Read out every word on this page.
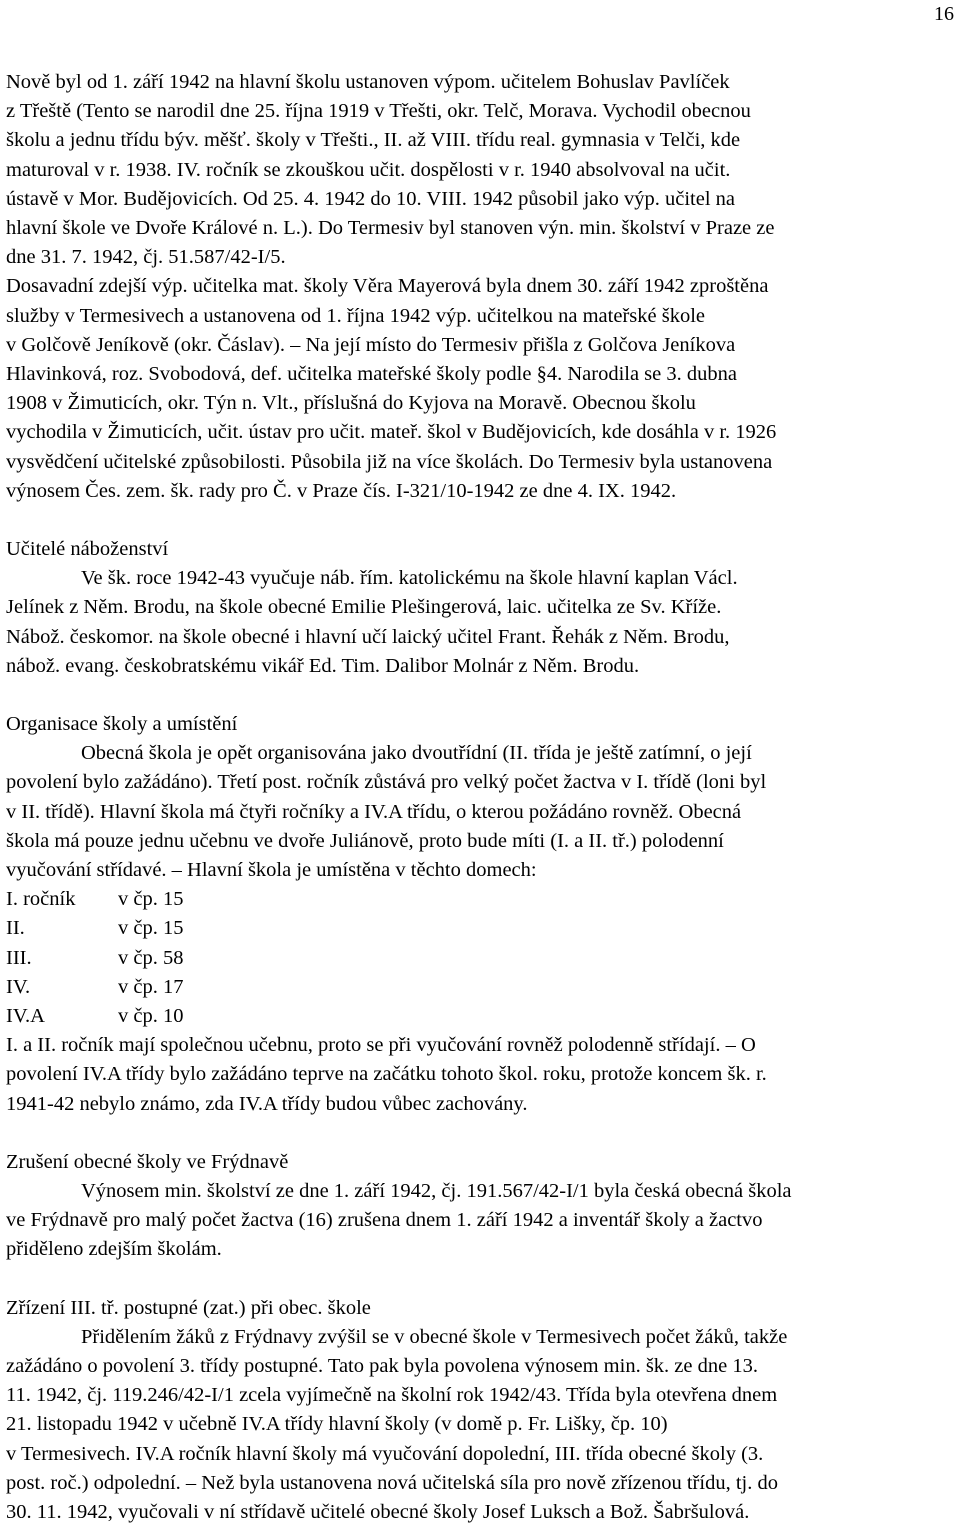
16

Nově byl od 1. září 1942 na hlavní školu ustanoven výpom. učitelem Bohuslav Pavlíček

z Třeště (Tento se narodil dne 25. října 1919 v Třešti, okr. Telč, Morava. Vychodil obecnou

školu a jednu třídu býv. měšť. školy v Třešti., II. až VIII. třídu real. gymnasia v Telči, kde

maturoval v r. 1938. IV. ročník se zkouškou učit. dospělosti v r. 1940 absolvoval na učit.

ústavě v Mor. Budějovicích. Od 25. 4. 1942 do 10. VIII. 1942 působil jako výp. učitel na

hlavní škole ve Dvoře Králové n. L.). Do Termesiv byl stanoven výn. min. školství v Praze ze

dne 31. 7. 1942, čj. 51.587/42-I/5.

Dosavadní zdejší výp. učitelka mat. školy Věra Mayerová byla dnem 30. září 1942 zproštěna

služby v Termesivech a ustanovena od 1. října 1942 výp. učitelkou na mateřské škole

v Golčově Jeníkově (okr. Čáslav). – Na její místo do Termesiv přišla z Golčova Jeníkova

Hlavinková, roz. Svobodová, def. učitelka mateřské školy podle §4. Narodila se 3. dubna

1908 v Žimuticích, okr. Týn n. Vlt., příslušná do Kyjova na Moravě. Obecnou školu

vychodila v Žimuticích, učit. ústav pro učit. mateř. škol v Budějovicích, kde dosáhla v r. 1926

vysvědčení učitelské způsobilosti. Působila již na více školách. Do Termesiv byla ustanovena

výnosem Čes. zem. šk. rady pro Č. v Praze čís. I-321/10-1942 ze dne 4. IX. 1942.

Učitelé náboženství

Ve šk. roce 1942-43 vyučuje náb. řím. katolickému na škole hlavní kaplan Václ.

Jelínek z Něm. Brodu, na škole obecné Emilie Plešingerová, laic. učitelka ze Sv. Kříže.

Nábož. českomor. na škole obecné i hlavní učí laický učitel Frant. Řehák z Něm. Brodu,

nábož. evang. českobratskému vikář Ed. Tim. Dalibor Molnár z Něm. Brodu.

Organisace školy a umístění

Obecná škola je opět organisována jako dvoutřídní (II. třída je ještě zatímní, o její

povolení bylo zažádáno). Třetí post. ročník zůstává pro velký počet žactva v I. třídě (loni byl

v II. třídě). Hlavní škola má čtyři ročníky a IV.A třídu, o kterou požádáno rovněž. Obecná

škola má pouze jednu učebnu ve dvoře Juliánově, proto bude míti (I. a II. tř.) polodenní

vyučování střídavé. – Hlavní škola je umístěna v těchto domech:

I. ročník	v čp. 15
II.	v čp. 15
III.	v čp. 58
IV.	v čp. 17
IV.A	v čp. 10

I. a II. ročník mají společnou učebnu, proto se při vyučování rovněž polodenně střídají. – O

povolení IV.A třídy bylo zažádáno teprve na začátku tohoto škol. roku, protože koncem šk. r.

1941-42 nebylo známo, zda IV.A třídy budou vůbec zachovány.

Zrušení obecné školy ve Frýdnavě

Výnosem min. školství ze dne 1. září 1942, čj. 191.567/42-I/1 byla česká obecná škola

ve Frýdnavě pro malý počet žactva (16) zrušena dnem 1. září 1942 a inventář školy a žactvo

přiděleno zdejším školám.

Zřízení III. tř. postupné (zat.) při obec. škole

Přidělením žáků z Frýdnavy zvýšil se v obecné škole v Termesivech počet žáků, takže

zažádáno o povolení 3. třídy postupné. Tato pak byla povolena výnosem min. šk. ze dne 13.

11. 1942, čj. 119.246/42-I/1 zcela vyjímečně na školní rok 1942/43. Třída byla otevřena dnem

21. listopadu 1942 v učebně IV.A třídy hlavní školy (v domě p. Fr. Lišky, čp. 10)

v Termesivech. IV.A ročník hlavní školy má vyučování dopolední, III. třída obecné školy (3.

post. roč.) odpolední. – Než byla ustanovena nová učitelská síla pro nově zřízenou třídu, tj. do

30. 11. 1942, vyučovali v ní střídavě učitelé obecné školy Josef Luksch a Bož. Šabršulová.
